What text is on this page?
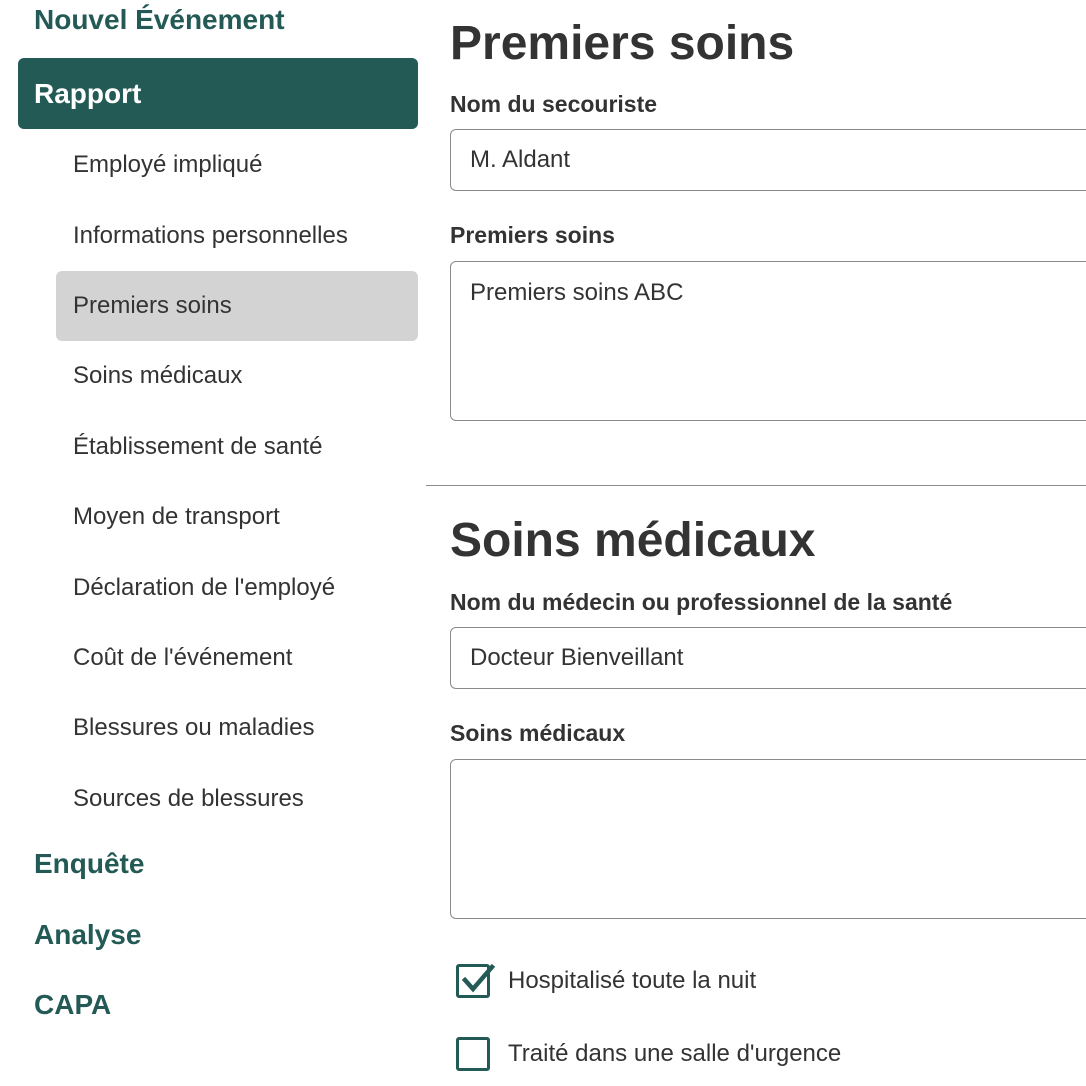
Nouvel Événement
Rapport
Employé impliqué
Informations personnelles
Premiers soins
Soins médicaux
Établissement de santé
Moyen de transport
Déclaration de l'employé
Coût de l'événement
Blessures ou maladies
Sources de blessures
Enquête
Analyse
CAPA
Premiers soins
Nom du secouriste
M. Aldant
Premiers soins
Premiers soins ABC
Soins médicaux
Nom du médecin ou professionnel de la santé
Docteur Bienveillant
Soins médicaux
Hospitalisé toute la nuit
Traité dans une salle d'urgence
